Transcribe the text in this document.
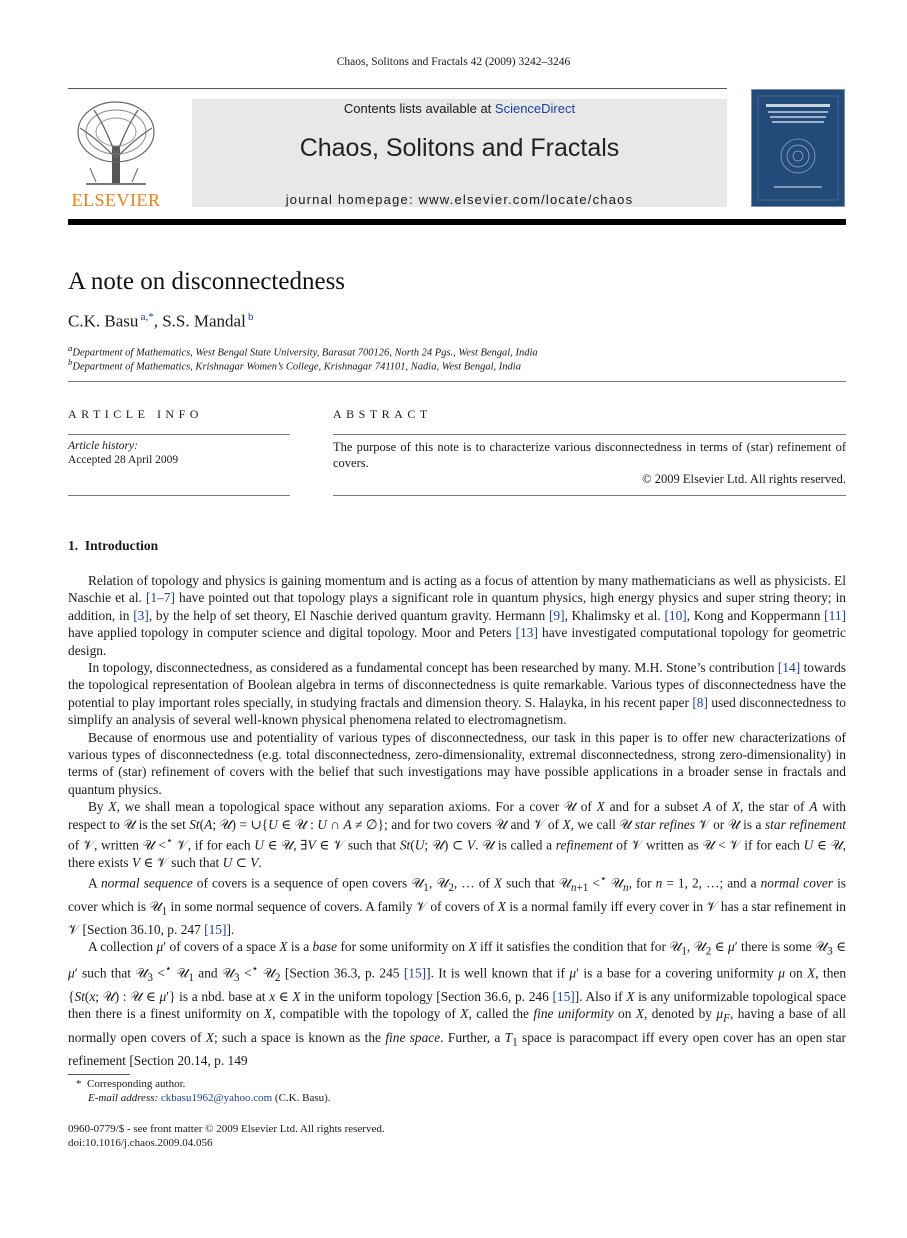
Chaos, Solitons and Fractals 42 (2009) 3242–3246
ELSEVIER
Contents lists available at ScienceDirect
Chaos, Solitons and Fractals
journal homepage: www.elsevier.com/locate/chaos
A note on disconnectedness
C.K. Basu  $^{a,*}$, S.S. Mandal  $^b$
$^a$Department of Mathematics, West Bengal State University, Barasat 700126, North 24 Pgs., West Bengal, India
$^b$Department of Mathematics, Krishnagar Women’s College, Krishnagar 741101, Nadia, West Bengal, India
ARTICLE INFO	ABSTRACT
Article history:
Accepted 28 April 2009
The purpose of this note is to characterize various disconnectedness in terms of (star) refinement of covers.
© 2009 Elsevier Ltd. All rights reserved.
1. Introduction

Relation of topology and physics is gaining momentum and is acting as a focus of attention by many mathematicians as well as physicists. El Naschie et al. [1–7] have pointed out that topology plays a significant role in quantum physics, high energy physics and super string theory; in addition, in [3], by the help of set theory, El Naschie derived quantum gravity. Hermann [9], Khalimsky et al. [10], Kong and Koppermann [11] have applied topology in computer science and digital topology. Moor and Peters [13] have investigated computational topology for geometric design.

In topology, disconnectedness, as considered as a fundamental concept has been researched by many. M.H. Stone’s contribution [14] towards the topological representation of Boolean algebra in terms of disconnectedness is quite remarkable. Various types of disconnectedness have the potential to play important roles specially, in studying fractals and dimension theory. S. Halayka, in his recent paper [8] used disconnectedness to simplify an analysis of several well-known physical phenomena related to electromagnetism.

Because of enormous use and potentiality of various types of disconnectedness, our task in this paper is to offer new characterizations of various types of disconnectedness (e.g. total disconnectedness, zero-dimensionality, extremal disconnectedness, strong zero-dimensionality) in terms of (star) refinement of covers with the belief that such investigations may have possible applications in a broader sense in fractals and quantum physics.

By X, we shall mean a topological space without any separation axioms. For a cover 𝒰 of X and for a subset A of X, the star of A with respect to 𝒰 is the set St(A; 𝒰) = ∪{U ∈ 𝒰 : U ∩ A ≠ ∅}; and for two covers 𝒰 and 𝒱 of X, we call 𝒰 star refines 𝒱 or 𝒰 is a star refinement of 𝒱, written 𝒰 <⋆ 𝒱, if for each U ∈ 𝒰, ∃V ∈ 𝒱 such that St(U; 𝒰) ⊂ V. 𝒰 is called a refinement of 𝒱 written as 𝒰 < 𝒱 if for each U ∈ 𝒰, there exists V ∈ 𝒱 such that U ⊂ V.

A normal sequence of covers is a sequence of open covers 𝒰$_1$, 𝒰$_2$, … of X such that 𝒰$_{n+1}$ <⋆ 𝒰$_n$, for n = 1, 2, …; and a normal cover is cover which is 𝒰$_1$ in some normal sequence of covers. A family 𝒱 of covers of X is a normal family iff every cover in 𝒱 has a star refinement in 𝒱 [Section 36.10, p. 247 [15]].

A collection μ′ of covers of a space X is a base for some uniformity on X iff it satisfies the condition that for 𝒰$_1$, 𝒰$_2$ ∈ μ′ there is some 𝒰$_3$ ∈ μ′ such that 𝒰$_3$ <⋆ 𝒰$_1$ and 𝒰$_3$ <⋆ 𝒰$_2$ [Section 36.3, p. 245 [15]]. It is well known that if μ′ is a base for a covering uniformity μ on X, then {St(x; 𝒰) : 𝒰 ∈ μ′} is a nbd. base at x ∈ X in the uniform topology [Section 36.6, p. 246 [15]]. Also if X is any uniformizable topological space then there is a finest uniformity on X, compatible with the topology of X, called the fine uniformity on X, denoted by $\mu_F$, having a base of all normally open covers of X; such a space is known as the fine space. Further, a $T_1$ space is paracompact iff every open cover has an open star refinement [Section 20.14, p. 149

* Corresponding author.
E-mail address: ckbasu1962@yahoo.com (C.K. Basu).
0960-0779/$ - see front matter © 2009 Elsevier Ltd. All rights reserved.
doi:10.1016/j.chaos.2009.04.056
